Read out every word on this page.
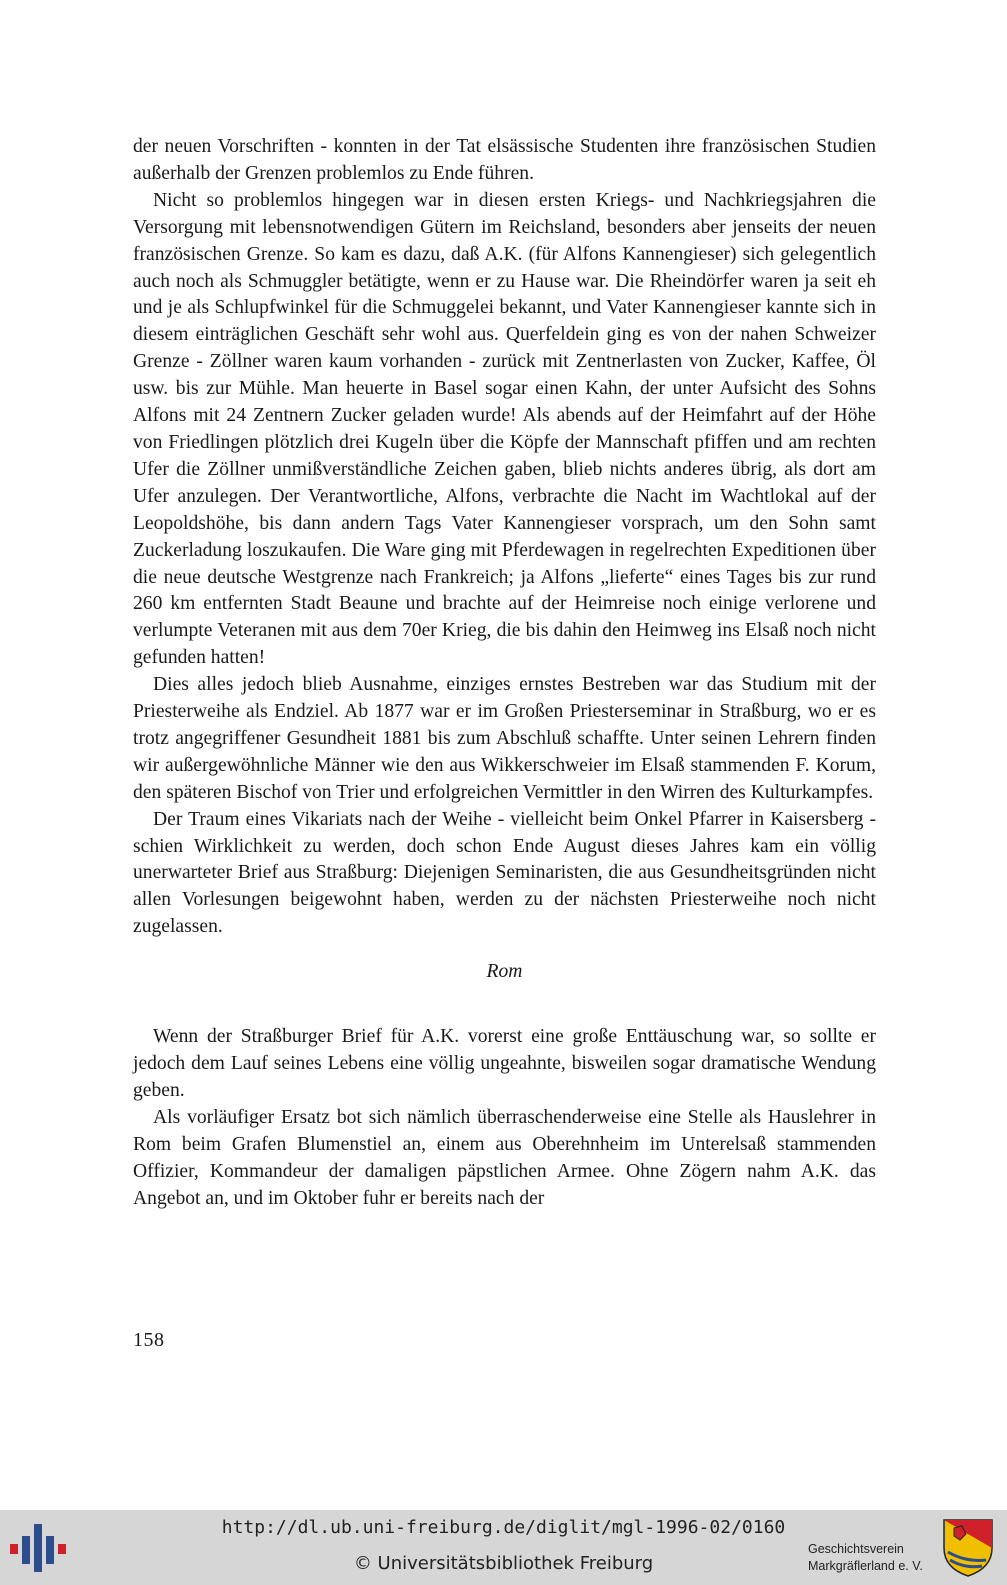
der neuen Vorschriften - konnten in der Tat elsässische Studenten ihre französischen Studien außerhalb der Grenzen problemlos zu Ende führen.

Nicht so problemlos hingegen war in diesen ersten Kriegs- und Nachkriegsjahren die Versorgung mit lebensnotwendigen Gütern im Reichsland, besonders aber jenseits der neuen französischen Grenze. So kam es dazu, daß A.K. (für Alfons Kannengieser) sich gelegentlich auch noch als Schmuggler betätigte, wenn er zu Hause war. Die Rheindörfer waren ja seit eh und je als Schlupfwinkel für die Schmuggelei bekannt, und Vater Kannengieser kannte sich in diesem einträglichen Geschäft sehr wohl aus. Querfeldein ging es von der nahen Schweizer Grenze - Zöllner waren kaum vorhanden - zurück mit Zentnerlasten von Zucker, Kaffee, Öl usw. bis zur Mühle. Man heuerte in Basel sogar einen Kahn, der unter Aufsicht des Sohns Alfons mit 24 Zentnern Zucker geladen wurde! Als abends auf der Heimfahrt auf der Höhe von Friedlingen plötzlich drei Kugeln über die Köpfe der Mannschaft pfiffen und am rechten Ufer die Zöllner unmißverständliche Zeichen gaben, blieb nichts anderes übrig, als dort am Ufer anzulegen. Der Verantwortliche, Alfons, verbrachte die Nacht im Wachtlokal auf der Leopoldshöhe, bis dann andern Tags Vater Kannengieser vorsprach, um den Sohn samt Zuckerladung loszukaufen. Die Ware ging mit Pferdewagen in regelrechten Expeditionen über die neue deutsche Westgrenze nach Frankreich; ja Alfons „lieferte“ eines Tages bis zur rund 260 km entfernten Stadt Beaune und brachte auf der Heimreise noch einige verlorene und verlumpte Veteranen mit aus dem 70er Krieg, die bis dahin den Heimweg ins Elsaß noch nicht gefunden hatten!

Dies alles jedoch blieb Ausnahme, einziges ernstes Bestreben war das Studium mit der Priesterweihe als Endziel. Ab 1877 war er im Großen Priesterseminar in Straßburg, wo er es trotz angegriffener Gesundheit 1881 bis zum Abschluß schaffte. Unter seinen Lehrern finden wir außergewöhnliche Männer wie den aus Wikkerschweier im Elsaß stammenden F. Korum, den späteren Bischof von Trier und erfolgreichen Vermittler in den Wirren des Kulturkampfes.

Der Traum eines Vikariats nach der Weihe - vielleicht beim Onkel Pfarrer in Kaisersberg - schien Wirklichkeit zu werden, doch schon Ende August dieses Jahres kam ein völlig unerwarteter Brief aus Straßburg: Diejenigen Seminaristen, die aus Gesundheitsgründen nicht allen Vorlesungen beigewohnt haben, werden zu der nächsten Priesterweihe noch nicht zugelassen.

Rom

Wenn der Straßburger Brief für A.K. vorerst eine große Enttäuschung war, so sollte er jedoch dem Lauf seines Lebens eine völlig ungeahnte, bisweilen sogar dramatische Wendung geben.

Als vorläufiger Ersatz bot sich nämlich überraschenderweise eine Stelle als Hauslehrer in Rom beim Grafen Blumenstiel an, einem aus Oberehnheim im Unterelsaß stammenden Offizier, Kommandeur der damaligen päpstlichen Armee. Ohne Zögern nahm A.K. das Angebot an, und im Oktober fuhr er bereits nach der

158
http://dl.ub.uni-freiburg.de/diglit/mgl-1996-02/0160
© Universitätsbibliothek Freiburg
Geschichtsverein
Markgräflerland e. V.
